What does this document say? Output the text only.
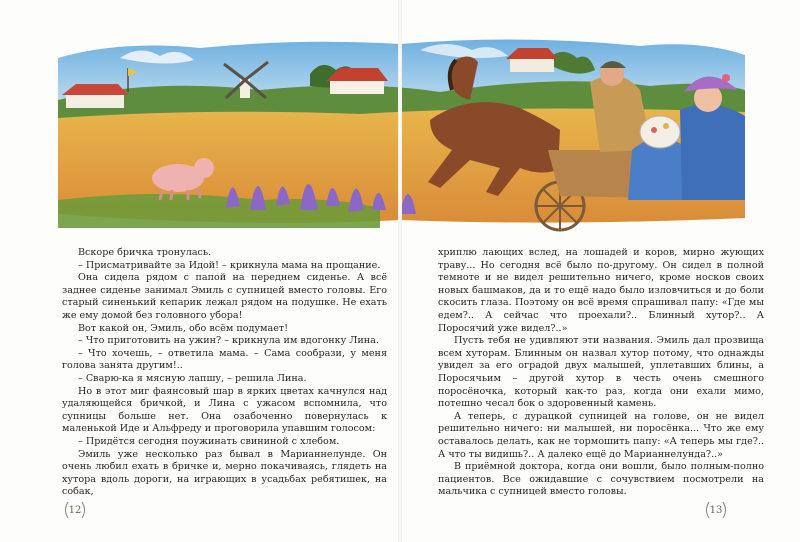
Вскоре бричка тронулась.

– Присматривайте за Идой! – крикнула мама на прощание.

Она сидела рядом с папой на переднем сиденье. А всё заднее сиденье занимал Эмиль с супницей вместо головы. Его старый синенький кепарик лежал рядом на подушке. Не ехать же ему домой без головного убора!

Вот какой он, Эмиль, обо всём подумает!

– Что приготовить на ужин? – крикнула им вдогонку Лина.

– Что хочешь, – ответила мама. – Сама сообрази, у меня голова занята другим!..

– Сварю-ка я мясную лапшу, – решила Лина.

Но в этот миг фаянсовый шар в ярких цветах качнулся над удаляющейся бричкой, и Лина с ужасом вспомнила, что супницы больше нет. Она озабоченно повернулась к маленькой Иде и Альфреду и проговорила упавшим голосом:

– Придётся сегодня поужинать свининой с хлебом.

Эмиль уже несколько раз бывал в Марианнелунде. Он очень любил ехать в бричке и, мерно покачиваясь, глядеть на хутора вдоль дороги, на играющих в усадьбах ребятишек, на собак,

хриплю лающих вслед, на лошадей и коров, мирно жующих траву... Но сегодня всё было по-другому. Он сидел в полной темноте и не видел решительно ничего, кроме носков своих новых башмаков, да и то ещё надо было изловчиться и до боли скосить глаза. Поэтому он всё время спрашивал папу: «Где мы едем?.. А сейчас что проехали?.. Блинный хутор?.. А Поросячий уже видел?..»

Пусть тебя не удивляют эти названия. Эмиль дал прозвища всем хуторам. Блинным он назвал хутор потому, что однажды увидел за его оградой двух малышей, уплетавших блины, а Поросячьим – другой хутор в честь очень смешного поросёночка, который как-то раз, когда они ехали мимо, потешно чесал бок о здоровенный камень.

А теперь, с дурацкой супницей на голове, он не видел решительно ничего: ни малышей, ни поросёнка... Что же ему оставалось делать, как не тормошить папу: «А теперь мы где?.. А что ты видишь?.. А далеко ещё до Марианнелунда?..»

В приёмной доктора, когда они вошли, было полным-полно пациентов. Все ожидавшие с сочувствием посмотрели на мальчика с супницей вместо головы.

12	13
